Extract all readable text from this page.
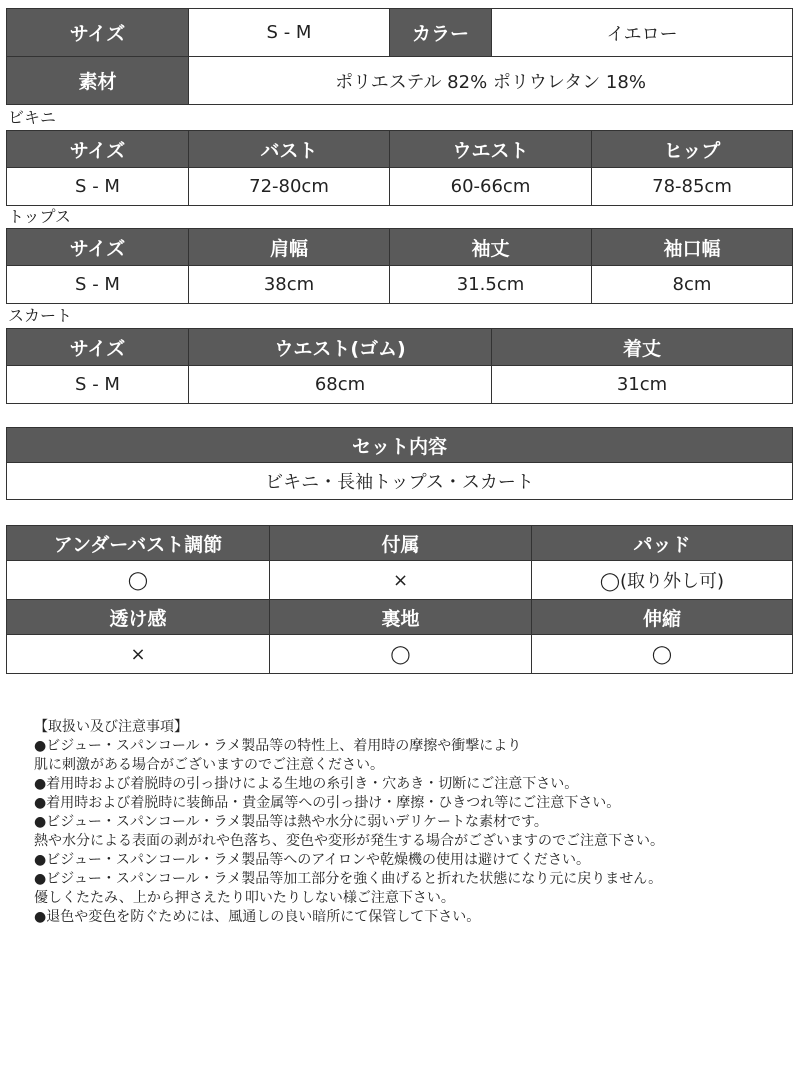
サイズ	S - M	カラー	イエロー
素材	ポリエステル 82% ポリウレタン 18%		
ビキニ
サイズ	バスト	ウエスト	ヒップ
S - M	72-80cm	60-66cm	78-85cm
トップス
サイズ	肩幅	袖丈	袖口幅
S - M	38cm	31.5cm	8cm
スカート
サイズ	ウエスト(ゴム)	着丈
S - M	68cm	31cm
セット内容
ビキニ・長袖トップス・スカート
アンダーバスト調節	付属	パッド
◯	×	◯(取り外し可)
透け感	裏地	伸縮
×	◯	◯
【取扱い及び注意事項】
●ビジュー・スパンコール・ラメ製品等の特性上、着用時の摩擦や衝撃により
肌に刺激がある場合がございますのでご注意ください。
●着用時および着脱時の引っ掛けによる生地の糸引き・穴あき・切断にご注意下さい。
●着用時および着脱時に装飾品・貴金属等への引っ掛け・摩擦・ひきつれ等にご注意下さい。
●ビジュー・スパンコール・ラメ製品等は熱や水分に弱いデリケートな素材です。
熱や水分による表面の剥がれや色落ち、変色や変形が発生する場合がございますのでご注意下さい。
●ビジュー・スパンコール・ラメ製品等へのアイロンや乾燥機の使用は避けてください。
●ビジュー・スパンコール・ラメ製品等加工部分を強く曲げると折れた状態になり元に戻りません。
優しくたたみ、上から押さえたり叩いたりしない様ご注意下さい。
●退色や変色を防ぐためには、風通しの良い暗所にて保管して下さい。
